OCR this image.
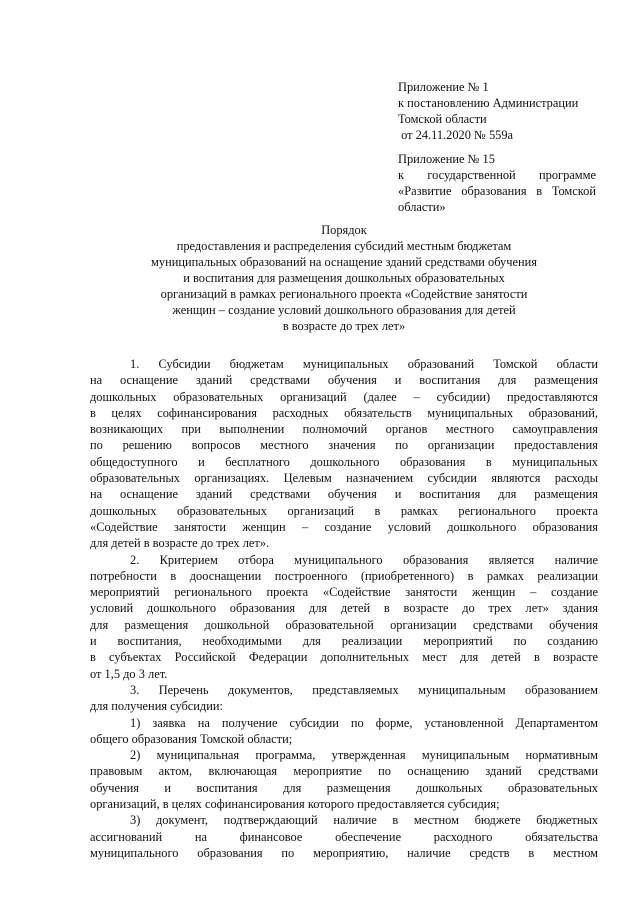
Приложение № 1
к постановлению Администрации
Томской области
от 24.11.2020 № 559а
Приложение № 15
к государственной программе
«Развитие образования в Томской
области»
Порядок
предоставления и распределения субсидий местным бюджетам
муниципальных образований на оснащение зданий средствами обучения
и воспитания для размещения дошкольных образовательных
организаций в рамках регионального проекта «Содействие занятости
женщин – создание условий дошкольного образования для детей
в возрасте до трех лет»
1. Субсидии бюджетам муниципальных образований Томской области
на оснащение зданий средствами обучения и воспитания для размещения
дошкольных образовательных организаций (далее – субсидии) предоставляются
в целях софинансирования расходных обязательств муниципальных образований,
возникающих при выполнении полномочий органов местного самоуправления
по решению вопросов местного значения по организации предоставления
общедоступного и бесплатного дошкольного образования в муниципальных
образовательных организациях. Целевым назначением субсидии являются расходы
на оснащение зданий средствами обучения и воспитания для размещения
дошкольных образовательных организаций в рамках регионального проекта
«Содействие занятости женщин – создание условий дошкольного образования
для детей в возрасте до трех лет».
2. Критерием отбора муниципального образования является наличие
потребности в дооснащении построенного (приобретенного) в рамках реализации
мероприятий регионального проекта «Содействие занятости женщин – создание
условий дошкольного образования для детей в возрасте до трех лет» здания
для размещения дошкольной образовательной организации средствами обучения
и воспитания, необходимыми для реализации мероприятий по созданию
в субъектах Российской Федерации дополнительных мест для детей в возрасте
от 1,5 до 3 лет.
3. Перечень документов, представляемых муниципальным образованием
для получения субсидии:
1) заявка на получение субсидии по форме, установленной Департаментом
общего образования Томской области;
2) муниципальная программа, утвержденная муниципальным нормативным
правовым актом, включающая мероприятие по оснащению зданий средствами
обучения и воспитания для размещения дошкольных образовательных
организаций, в целях софинансирования которого предоставляется субсидия;
3) документ, подтверждающий наличие в местном бюджете бюджетных
ассигнований на финансовое обеспечение расходного обязательства
муниципального образования по мероприятию, наличие средств в местном
